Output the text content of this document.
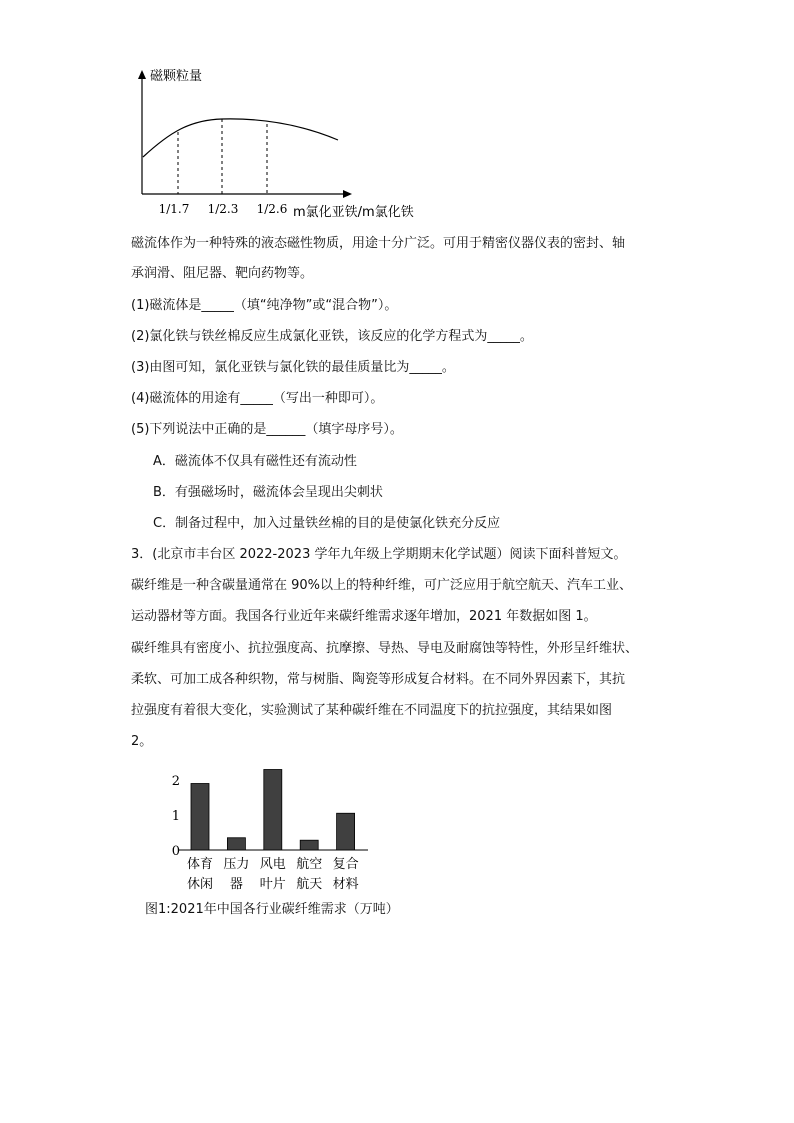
磁颗粒量
1/1.7 1/2.3 1/2.6 m氯化亚铁/m氯化铁
磁流体作为一种特殊的液态磁性物质，用途十分广泛。可用于精密仪器仪表的密封、轴
承润滑、阻尼器、靶向药物等。
(1)磁流体是_____（填“纯净物”或“混合物”）。
(2)氯化铁与铁丝棉反应生成氯化亚铁，该反应的化学方程式为_____。
(3)由图可知，氯化亚铁与氯化铁的最佳质量比为_____。
(4)磁流体的用途有_____（写出一种即可）。
(5)下列说法中正确的是______（填字母序号）。
A．磁流体不仅具有磁性还有流动性
B．有强磁场时，磁流体会呈现出尖刺状
C．制备过程中，加入过量铁丝棉的目的是使氯化铁充分反应
3．(北京市丰台区 2022-2023 学年九年级上学期期末化学试题）阅读下面科普短文。
碳纤维是一种含碳量通常在 90%以上的特种纤维，可广泛应用于航空航天、汽车工业、
运动器材等方面。我国各行业近年来碳纤维需求逐年增加，2021 年数据如图 1。
碳纤维具有密度小、抗拉强度高、抗摩擦、导热、导电及耐腐蚀等特性，外形呈纤维状、
柔软、可加工成各种织物，常与树脂、陶瓷等形成复合材料。在不同外界因素下，其抗
拉强度有着很大变化，实验测试了某种碳纤维在不同温度下的抗拉强度，其结果如图
2。
0
1
2
体育
休闲
压力
器
风电
叶片
航空
航天
复合
材料
图1:2021年中国各行业碳纤维需求（万吨）
